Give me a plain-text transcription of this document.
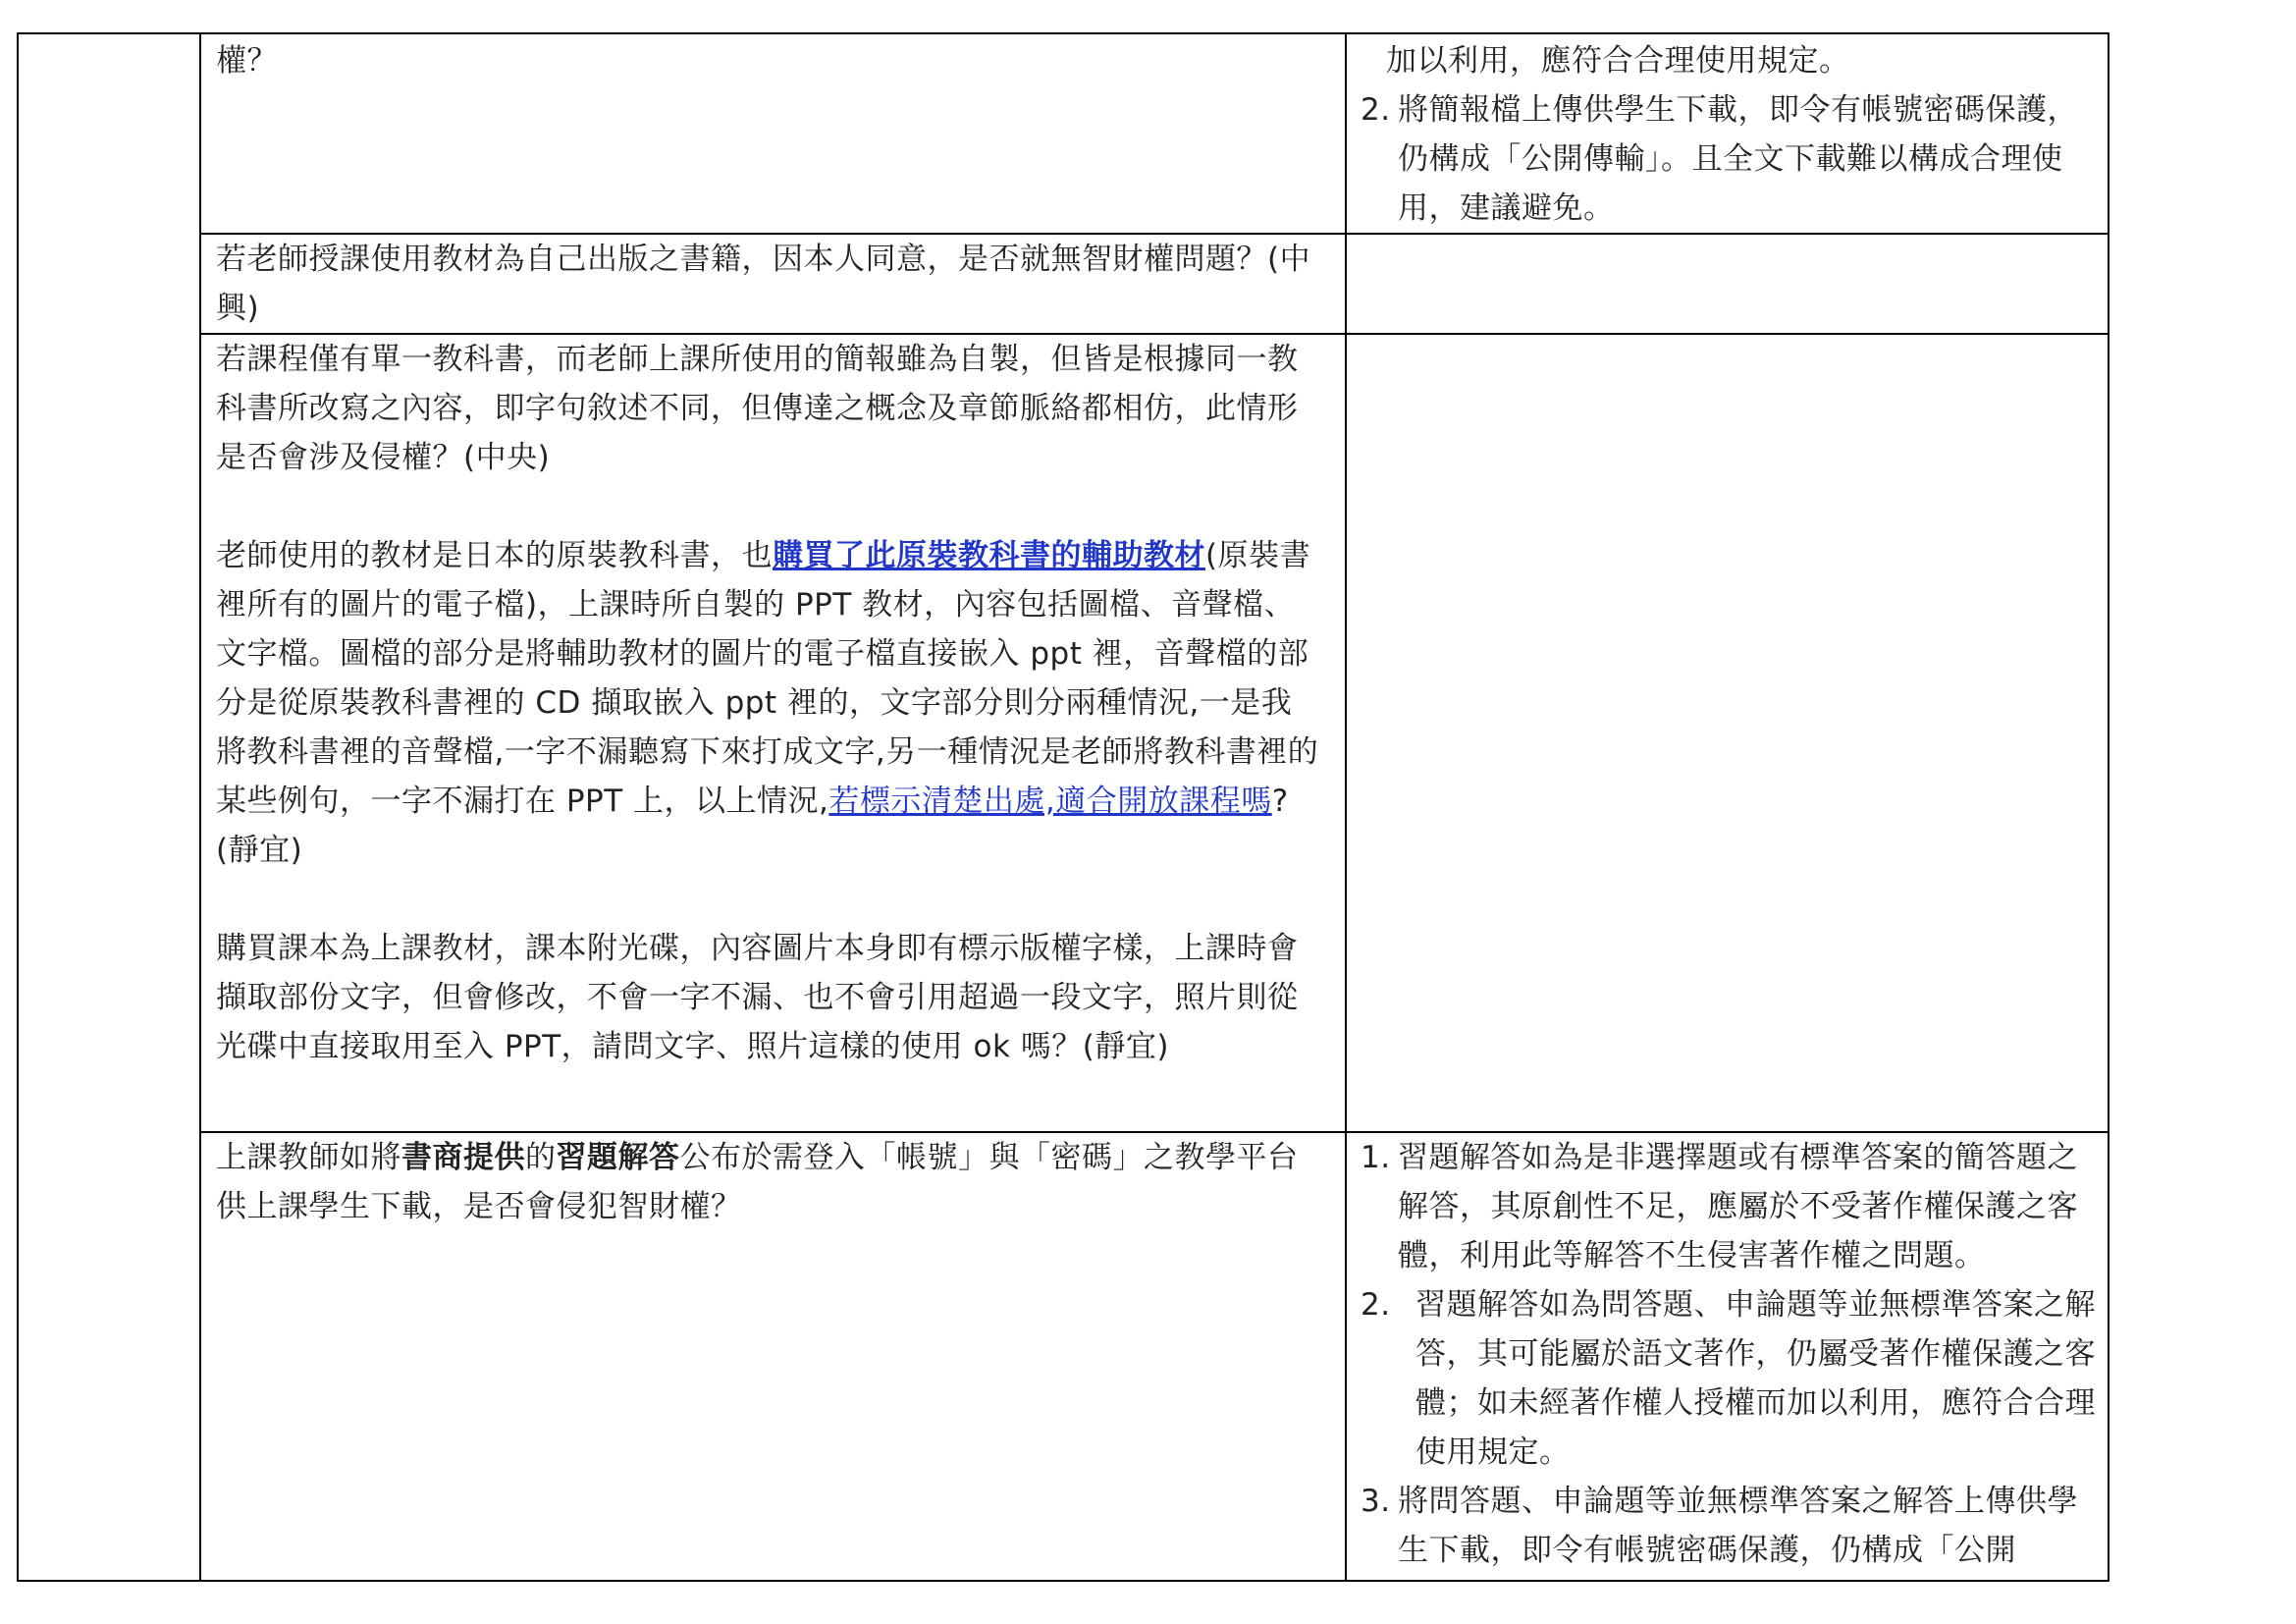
權？	加以利用，應符合合理使用規定。

2. 將簡報檔上傳供學生下載，即令有帳號密碼保護，仍構成「公開傳輸」。且全文下載難以構成合理使用，建議避免。

若老師授課使用教材為自己出版之書籍，因本人同意，是否就無智財權問題？(中興)

若課程僅有單一教科書，而老師上課所使用的簡報雖為自製，但皆是根據同一教科書所改寫之內容，即字句敘述不同，但傳達之概念及章節脈絡都相仿，此情形是否會涉及侵權？(中央)

老師使用的教材是日本的原裝教科書，也購買了此原裝教科書的輔助教材(原裝書裡所有的圖片的電子檔)，上課時所自製的 PPT 教材，內容包括圖檔、音聲檔、文字檔。圖檔的部分是將輔助教材的圖片的電子檔直接嵌入 ppt 裡，音聲檔的部分是從原裝教科書裡的 CD 擷取嵌入 ppt 裡的，文字部分則分兩種情況,一是我將教科書裡的音聲檔,一字不漏聽寫下來打成文字,另一種情況是老師將教科書裡的某些例句，一字不漏打在 PPT 上，以上情況,若標示清楚出處,適合開放課程嗎?(靜宜)

購買課本為上課教材，課本附光碟，內容圖片本身即有標示版權字樣，上課時會擷取部份文字，但會修改，不會一字不漏、也不會引用超過一段文字，照片則從光碟中直接取用至入 PPT，請問文字、照片這樣的使用 ok 嗎？(靜宜)

上課教師如將書商提供的習題解答公布於需登入「帳號」與「密碼」之教學平台供上課學生下載，是否會侵犯智財權？

1. 習題解答如為是非選擇題或有標準答案的簡答題之解答，其原創性不足，應屬於不受著作權保護之客體，利用此等解答不生侵害著作權之問題。

2. 習題解答如為問答題、申論題等並無標準答案之解答，其可能屬於語文著作，仍屬受著作權保護之客體；如未經著作權人授權而加以利用，應符合合理使用規定。

3. 將問答題、申論題等並無標準答案之解答上傳供學生下載，即令有帳號密碼保護，仍構成「公開
